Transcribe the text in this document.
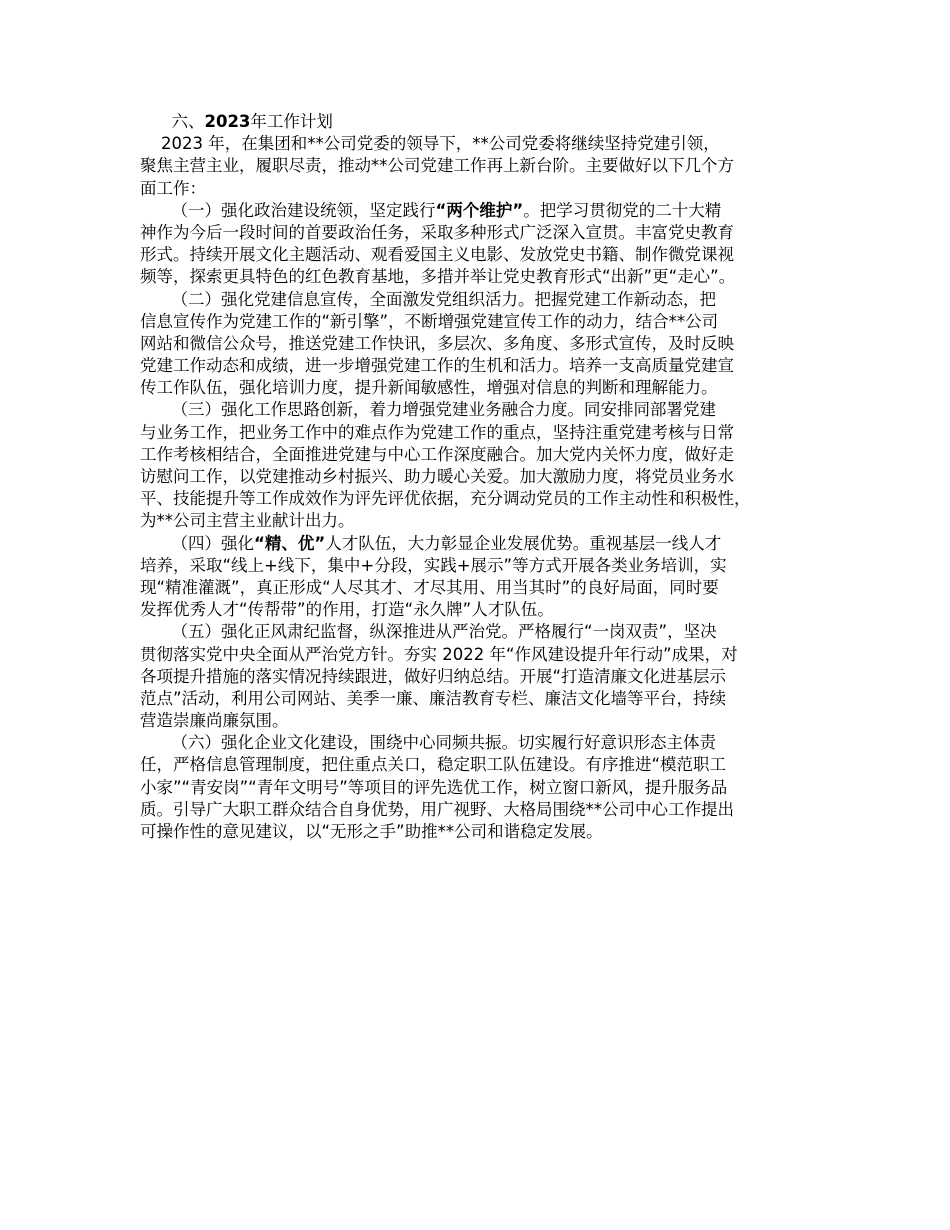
六、2023年工作计划
2023 年，在集团和**公司党委的领导下，**公司党委将继续坚持党建引领，
聚焦主营主业，履职尽责，推动**公司党建工作再上新台阶。主要做好以下几个方
面工作：
（一）强化政治建设统领，坚定践行“两个维护”。把学习贯彻党的二十大精
神作为今后一段时间的首要政治任务，采取多种形式广泛深入宣贯。丰富党史教育
形式。持续开展文化主题活动、观看爱国主义电影、发放党史书籍、制作微党课视
频等，探索更具特色的红色教育基地，多措并举让党史教育形式“出新”更“走心”。
（二）强化党建信息宣传，全面激发党组织活力。把握党建工作新动态，把
信息宣传作为党建工作的“新引擎”，不断增强党建宣传工作的动力，结合**公司
网站和微信公众号，推送党建工作快讯，多层次、多角度、多形式宣传，及时反映
党建工作动态和成绩，进一步增强党建工作的生机和活力。培养一支高质量党建宣
传工作队伍，强化培训力度，提升新闻敏感性，增强对信息的判断和理解能力。
（三）强化工作思路创新，着力增强党建业务融合力度。同安排同部署党建
与业务工作，把业务工作中的难点作为党建工作的重点，坚持注重党建考核与日常
工作考核相结合，全面推进党建与中心工作深度融合。加大党内关怀力度，做好走
访慰问工作，以党建推动乡村振兴、助力暖心关爱。加大激励力度，将党员业务水
平、技能提升等工作成效作为评先评优依据，充分调动党员的工作主动性和积极性，
为**公司主营主业献计出力。
（四）强化“精、优”人才队伍，大力彰显企业发展优势。重视基层一线人才
培养，采取“线上+线下，集中+分段，实践+展示”等方式开展各类业务培训，实
现“精准灌溉”，真正形成“人尽其才、才尽其用、用当其时”的良好局面，同时要
发挥优秀人才“传帮带”的作用，打造“永久牌”人才队伍。
（五）强化正风肃纪监督，纵深推进从严治党。严格履行“一岗双责”，坚决
贯彻落实党中央全面从严治党方针。夯实 2022 年“作风建设提升年行动”成果，对
各项提升措施的落实情况持续跟进，做好归纳总结。开展“打造清廉文化进基层示
范点”活动，利用公司网站、美季一廉、廉洁教育专栏、廉洁文化墙等平台，持续
营造崇廉尚廉氛围。
（六）强化企业文化建设，围绕中心同频共振。切实履行好意识形态主体责
任，严格信息管理制度，把住重点关口，稳定职工队伍建设。有序推进“模范职工
小家”“青安岗”“青年文明号”等项目的评先选优工作，树立窗口新风，提升服务品
质。引导广大职工群众结合自身优势，用广视野、大格局围绕**公司中心工作提出
可操作性的意见建议，以“无形之手”助推**公司和谐稳定发展。
